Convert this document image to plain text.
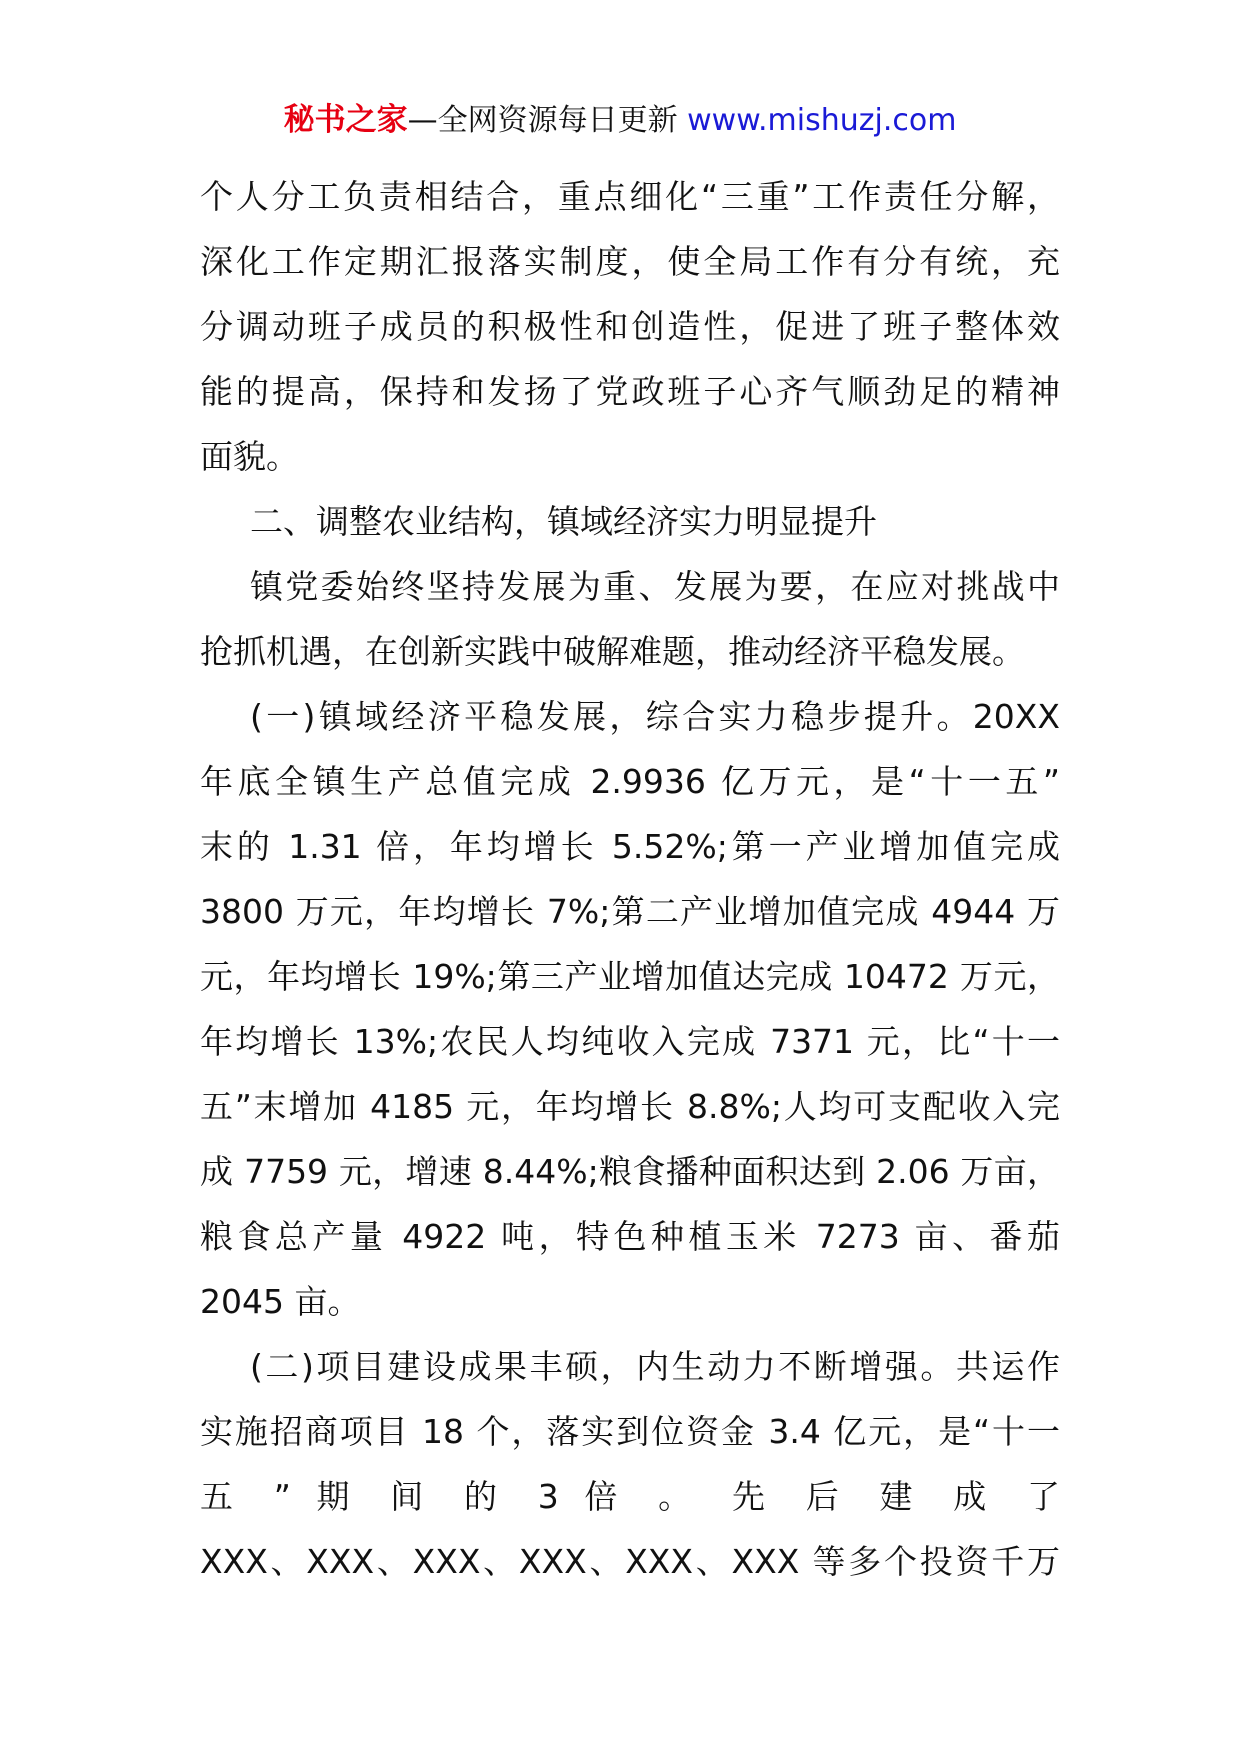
秘书之家—全网资源每日更新 www.mishuzj.com
个人分工负责相结合，重点细化“三重”工作责任分解，
深化工作定期汇报落实制度，使全局工作有分有统，充
分调动班子成员的积极性和创造性，促进了班子整体效
能的提高，保持和发扬了党政班子心齐气顺劲足的精神
面貌。
二、调整农业结构，镇域经济实力明显提升
镇党委始终坚持发展为重、发展为要，在应对挑战中
抢抓机遇，在创新实践中破解难题，推动经济平稳发展。
(一)镇域经济平稳发展，综合实力稳步提升。20XX
年底全镇生产总值完成 2.9936 亿万元，是“十一五”
末的 1.31 倍，年均增长 5.52%;第一产业增加值完成
3800 万元，年均增长 7%;第二产业增加值完成 4944 万
元，年均增长 19%;第三产业增加值达完成 10472 万元，
年均增长 13%;农民人均纯收入完成 7371 元，比“十一
五”末增加 4185 元，年均增长 8.8%;人均可支配收入完
成 7759 元，增速 8.44%;粮食播种面积达到 2.06 万亩，
粮食总产量 4922 吨，特色种植玉米 7273 亩、番茄
2045 亩。
(二)项目建设成果丰硕，内生动力不断增强。共运作
实施招商项目 18 个，落实到位资金 3.4 亿元，是“十一
五 ” 期 间 的 3 倍 。 先 后 建 成 了
XXX、XXX、XXX、XXX、XXX、XXX 等多个投资千万
